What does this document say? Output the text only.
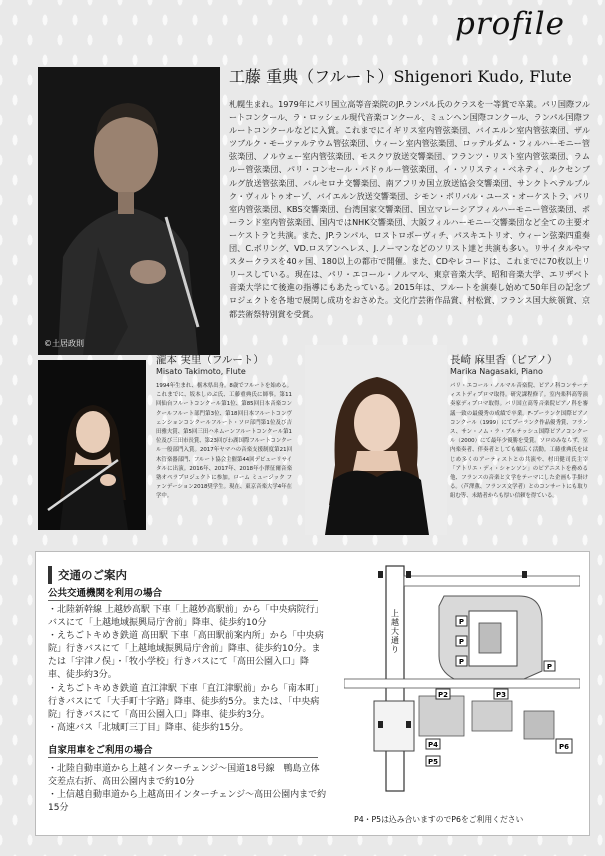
profile
©土居政則
工藤 重典（フルート）Shigenori Kudo, Flute
札幌生まれ。1979年にパリ国立高等音楽院のJP.ランパル氏のクラスを一等賞で卒業。パリ国際フルートコンクール、ラ・ロッシェル現代音楽コンクール、ミュンヘン国際コンクール、ランパル国際フルートコンクールなどに入賞。これまでにイギリス室内管弦楽団、バイエルン室内管弦楽団、ザルツブルク・モーツァルテウム管弦楽団、ウィーン室内管弦楽団、ロッテルダム・フィルハーモニー管弦楽団、ノルウェー室内管弦楽団、モスクワ放送交響楽団、フランツ・リスト室内管弦楽団、ラムルー管弦楽団、パリ・コンセール・パドゥルー管弦楽団、イ・ソリスティ・ベネティ、ルクセンブルグ放送管弦楽団、バルセロナ交響楽団、南アフリカ国立放送協会交響楽団、サンクトペテルブルク・ヴィルトゥオーゾ、バイエルン放送交響楽団、シモン・ボリバル・ユース・オーケストラ、パリ室内管弦楽団、KBS交響楽団、台湾国家交響楽団、国立マレーシアフィルハーモニー管弦楽団、ポーランド室内管弦楽団、国内ではNHK交響楽団、大阪フィルハーモニー交響楽団など全ての主要オーケストラと共演。また、JP.ランパル、ロストロポーヴィチ、パスキエトリオ、ウィーン弦楽四重奏団、C.ボリング、VD.ロスアンヘレス、J.ノーマンなどのソリスト達と共演も多い。リサイタルやマスタークラスを40ヶ国、180以上の都市で開催。また、CDやレコードは、これまでに70枚以上リリースしている。現在は、パリ・エコール・ノルマル、東京音楽大学、昭和音楽大学、エリザベト音楽大学にて後進の指導にもあたっている。2015年は、フルートを演奏し始めて50年目の記念プロジェクトを各地で展開し成功をおさめた。文化庁芸術作品賞、村松賞、フランス国大統領賞、京都芸術祭特別賞を受賞。
瀧本 実里（フルート）
Misato Takimoto, Flute
1994年生まれ、栃木県出身。8歳でフルートを始める。これまでに、坂本しのぶ氏、工藤重典氏に師事。第11回仙台フルートコンクール第1位、第85回日本音楽コンクールフルート部門第3位、第18回日本フルートコンヴェンションコンクールフルート・ソロ部門第1位及び吉田雅夫賞、第5回三田ハネムーンフルートコンクール第1位及び三田市長賞、第23回びわ湖国際フルートコンクール一般部門入賞。2017年ヤマハの音楽支援制度第21回木管楽器部門、フルート協会主催第44回デビューリサイタルに出演。2016年、2017年、2018年小澤征爾音楽塾オペラプロジェクトに参加。ローム ミュージック ファンデーション2018奨学生。現在、東京音楽大学4年在学中。
長崎 麻里香（ピアノ）
Marika Nagasaki, Piano
パリ・エコール・ノルマル音楽院、ピアノ科コンサーティストディプロマ取得。研究課程修了。室内楽科高等演奏家ディプロマ取得。パリ国立高等音楽院ピアノ科を審議一致の最優秀の成績で卒業。F-プーランク国際ピアノコンクール（1999）にてプーランク作品優秀賞、フランス、サン・ノム・ラ・ブルテッシュ国際ピアノコンクール（2000）にて最年少優勝を受賞。ソロのみならず、室内楽奏者、伴奏者としても幅広く活動。工藤重典氏をはじめ多くのアーティストとの共演や、村田健司氏主宰「アトリエ・ディ・シャンソン」のピアニストを務める他、フランスの音楽と文学をテーマにした企画も手掛ける。（芦澤薫、フランス文学者）とのコンサートにも取り組む等、未踏者からも厚い信頼を得ている。
交通のご案内
公共交通機関を利用の場合
・北陸新幹線 上越妙高駅 下車「上越妙高駅前」から「中央病院行」バスにて「上越地域振興局庁舎前」降車、徒歩約10分
・えちごトキめき鉄道 高田駅 下車「高田駅前案内所」から「中央病院」行きバスにて「上越地域振興局庁舎前」降車、徒歩約10分。または「宇津ノ俣」・「牧小学校」行きバスにて「高田公園入口」降車、徒歩約3分。
・えちごトキめき鉄道 直江津駅 下車「直江津駅前」から「南本町」行きバスにて「大手町十字路」降車、徒歩約5分。または、「中央病院」行きバスにて「高田公園入口」降車、徒歩約3分。
・高速バス「北城町三丁目」降車、徒歩約15分。
自家用車をご利用の場合
・北陸自動車道から上越インターチェンジ～国道18号線　鴨島立体交差点右折、高田公園内まで約10分
・上信越自動車道から上越高田インターチェンジ～高田公園内まで約15分
上越大通り
P
P
P
P
P2	P3
P4
P5
P6
P4・P5は込み合いますのでP6をご利用ください
